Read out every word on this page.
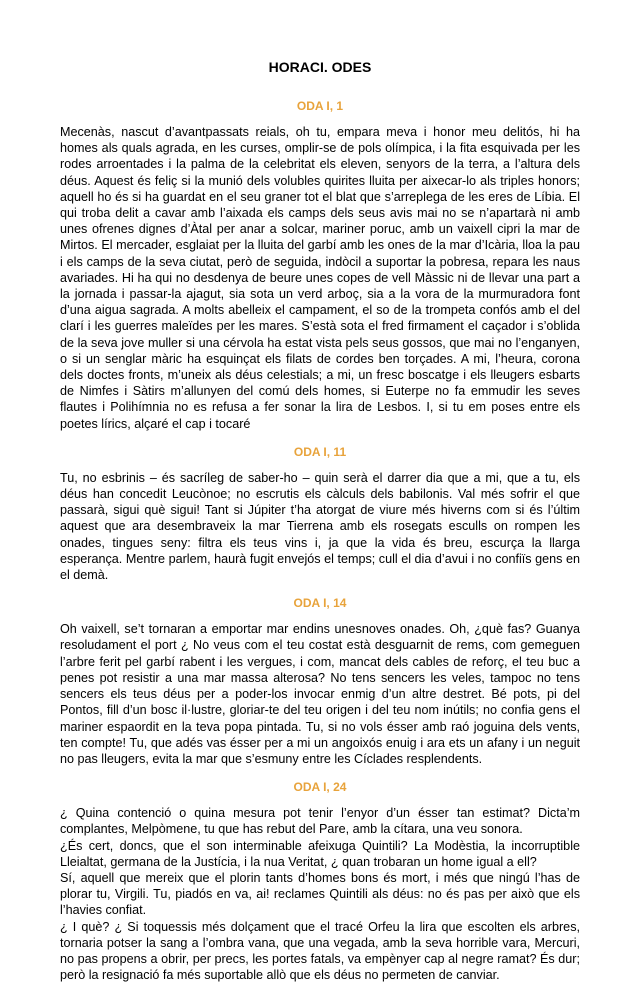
HORACI. ODES
ODA I, 1

Mecenàs, nascut d’avantpassats reials, oh tu, empara meva i honor meu delitós, hi ha homes als quals agrada, en les curses, omplir-se de pols olímpica, i la fita esquivada per les rodes arroentades i la palma de la celebritat els eleven, senyors de la terra, a l’altura dels déus. Aquest és feliç si la munió dels volubles quirites lluita per aixecar-lo als triples honors; aquell ho és si ha guardat en el seu graner tot el blat que s’arreplega de les eres de Líbia. El qui troba delit a cavar amb l’aixada els camps dels seus avis mai no se n’apartarà ni amb unes ofrenes dignes d’Àtal per anar a solcar, mariner poruc, amb un vaixell cipri la mar de Mirtos. El mercader, esglaiat per la lluita del garbí amb les ones de la mar d’Icària, lloa la pau i els camps de la seva ciutat, però de seguida, indòcil a suportar la pobresa, repara les naus avariades. Hi ha qui no desdenya de beure unes copes de vell Màssic ni de llevar una part a la jornada i passar-la ajagut, sia sota un verd arboç, sia a la vora de la murmuradora font d’una aigua sagrada. A molts abelleix el campament, el so de la trompeta confós amb el del clarí i les guerres maleïdes per les mares. S’està sota el fred firmament el caçador i s’oblida de la seva jove muller si una cérvola ha estat vista pels seus gossos, que mai no l’enganyen, o si un senglar màric ha esquinçat els filats de cordes ben torçades. A mi, l’heura, corona dels doctes fronts, m’uneix als déus celestials; a mi, un fresc boscatge i els lleugers esbarts de Nimfes i Sàtirs m’allunyen del comú dels homes, si Euterpe no fa emmudir les seves flautes i Polihímnia no es refusa a fer sonar la lira de Lesbos. I, si tu em poses entre els poetes lírics, alçaré el cap i tocaré

ODA I, 11

Tu, no esbrinis – és sacríleg de saber-ho – quin serà el darrer dia que a mi, que a tu, els déus han concedit Leucònoe; no escrutis els càlculs dels babilonis. Val més sofrir el que passarà, sigui què sigui! Tant si Júpiter t’ha atorgat de viure més hiverns com si és l’últim aquest que ara desembraveix la mar Tierrena amb els rosegats esculls on rompen les onades, tingues seny: filtra els teus vins i, ja que la vida és breu, escurça la llarga esperança. Mentre parlem, haurà fugit envejós el temps; cull el dia d’avui i no confiïs gens en el demà.

ODA I, 14

Oh vaixell, se’t tornaran a emportar mar endins unesnoves onades. Oh, ¿què fas? Guanya resoludament el port ¿ No veus com el teu costat està desguarnit de rems, com gemeguen l’arbre ferit pel garbí rabent i les vergues, i com, mancat dels cables de reforç, el teu buc a penes pot resistir a una mar massa alterosa? No tens sencers les veles, tampoc no tens sencers els teus déus per a poder-los invocar enmig d’un altre destret. Bé pots, pi del Pontos, fill d’un bosc il·lustre, gloriar-te del teu origen i del teu nom inútils; no confia gens el mariner espaordit en la teva popa pintada. Tu, si no vols ésser amb raó joguina dels vents, ten compte! Tu, que adés vas ésser per a mi un angoixós enuig i ara ets un afany i un neguit no pas lleugers, evita la mar que s’esmuny entre les Cíclades resplendents.

ODA I, 24

¿ Quina contenció o quina mesura pot tenir l’enyor d’un ésser tan estimat? Dicta’m complantes, Melpòmene, tu que has rebut del Pare, amb la cítara, una veu sonora.

¿És cert, doncs, que el son interminable afeixuga Quintili? La Modèstia, la incorruptible Lleialtat, germana de la Justícia, i la nua Veritat, ¿ quan trobaran un home igual a ell?

Sí, aquell que mereix que el plorin tants d’homes bons és mort, i més que ningú l’has de plorar tu, Virgili. Tu, piadós en va, ai! reclames Quintili als déus: no és pas per això que els l’havies confiat.

¿ I què? ¿ Si toquessis més dolçament que el tracé Orfeu la lira que escolten els arbres, tornaria potser la sang a l’ombra vana, que una vegada, amb la seva horrible vara, Mercuri, no pas propens a obrir, per precs, les portes fatals, va empènyer cap al negre ramat? És dur; però la resignació fa més suportable allò que els déus no permeten de canviar.
